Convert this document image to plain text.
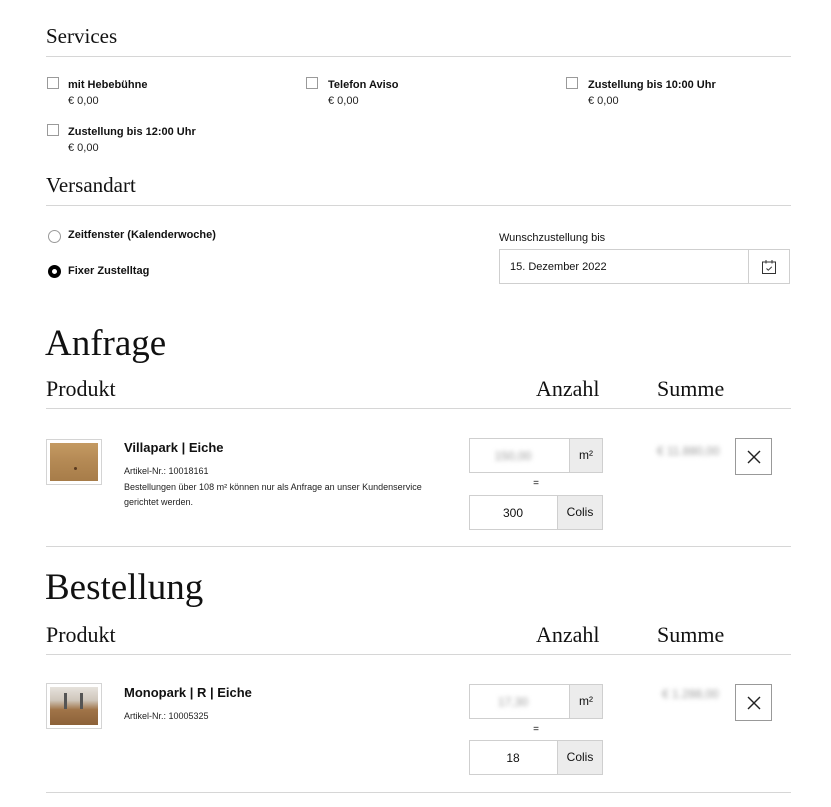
Services
mit Hebebühne
€ 0,00
Telefon Aviso
€ 0,00
Zustellung bis 10:00 Uhr
€ 0,00
Zustellung bis 12:00 Uhr
€ 0,00
Versandart
Zeitfenster (Kalenderwoche)
Fixer Zustelltag
Wunschzustellung bis
15. Dezember 2022
Anfrage
Produkt	Anzahl	Summe
Villapark | Eiche
Artikel-Nr.: 10018161
Bestellungen über 108 m² können nur als Anfrage an unser Kundenservice
gerichtet werden.
150,00	m²
=
300	Colis
€ 11.880,00
Bestellung
Produkt	Anzahl	Summe
Monopark | R | Eiche
Artikel-Nr.: 10005325
17,30	m²
=
18	Colis
€ 1.288,00
